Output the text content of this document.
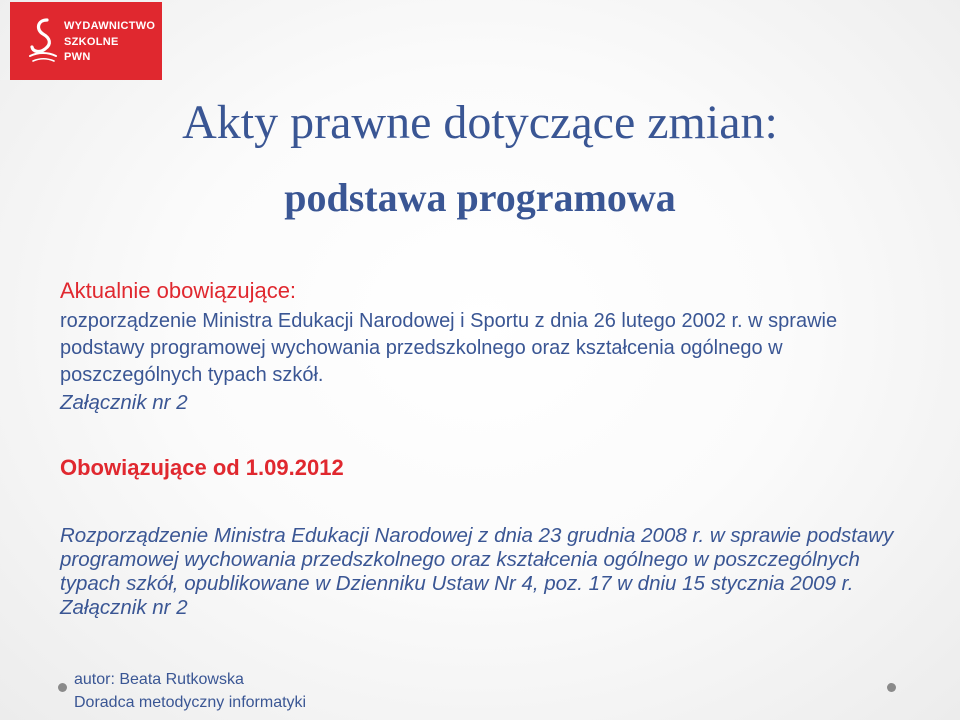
WYDAWNICTWO
SZKOLNE
PWN
Akty prawne dotyczące zmian:
podstawa programowa

Aktualnie obowiązujące:

rozporządzenie Ministra Edukacji Narodowej i Sportu z dnia 26 lutego 2002 r. w sprawie podstawy programowej wychowania przedszkolnego oraz kształcenia ogólnego w poszczególnych typach szkół.

Załącznik nr 2

Obowiązujące od 1.09.2012

Rozporządzenie Ministra Edukacji Narodowej z dnia 23 grudnia 2008 r. w sprawie podstawy programowej wychowania przedszkolnego oraz kształcenia ogólnego w poszczególnych typach szkół, opublikowane w Dzienniku Ustaw Nr 4, poz. 17 w dniu 15 stycznia 2009 r.

Załącznik nr 2

autor: Beata Rutkowska
Doradca metodyczny informatyki
